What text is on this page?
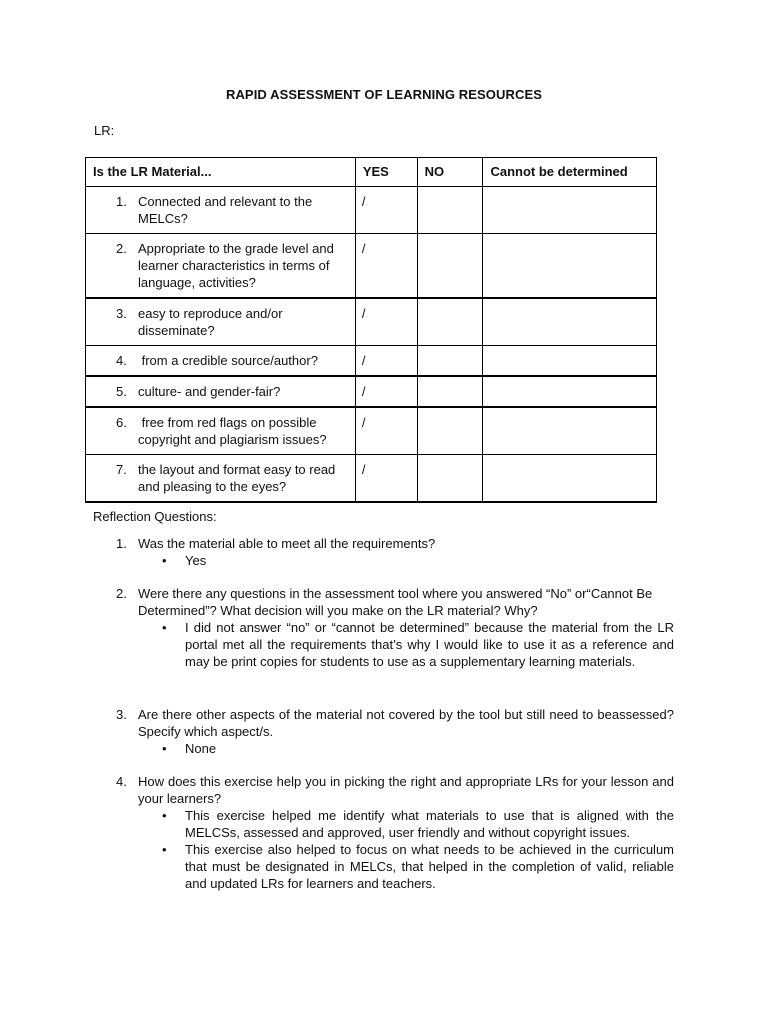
RAPID ASSESSMENT OF LEARNING RESOURCES
LR:
Is the LR Material...	YES	NO	Cannot be determined

1. Connected and relevant to the MELCs?	/		

2. Appropriate to the grade level and learner characteristics in terms of language, activities?	/		

3. easy to reproduce and/or disseminate?	/		

4. from a credible source/author?	/		

5. culture- and gender-fair?	/		

6. free from red flags on possible copyright and plagiarism issues?	/		

7. the layout and format easy to read and pleasing to the eyes?	/		
Reflection Questions:
1. Was the material able to meet all the requirements?
• Yes
2. Were there any questions in the assessment tool where you answered “No” or“Cannot Be Determined”? What decision will you make on the LR material? Why?
• I did not answer “no” or “cannot be determined” because the material from the LR portal met all the requirements that’s why I would like to use it as a reference and may be print copies for students to use as a supplementary learning materials.
3. Are there other aspects of the material not covered by the tool but still need to beassessed? Specify which aspect/s.
• None
4. How does this exercise help you in picking the right and appropriate LRs for your lesson and your learners?
• This exercise helped me identify what materials to use that is aligned with the MELCSs, assessed and approved, user friendly and without copyright issues.
• This exercise also helped to focus on what needs to be achieved in the curriculum that must be designated in MELCs, that helped in the completion of valid, reliable and updated LRs for learners and teachers.
